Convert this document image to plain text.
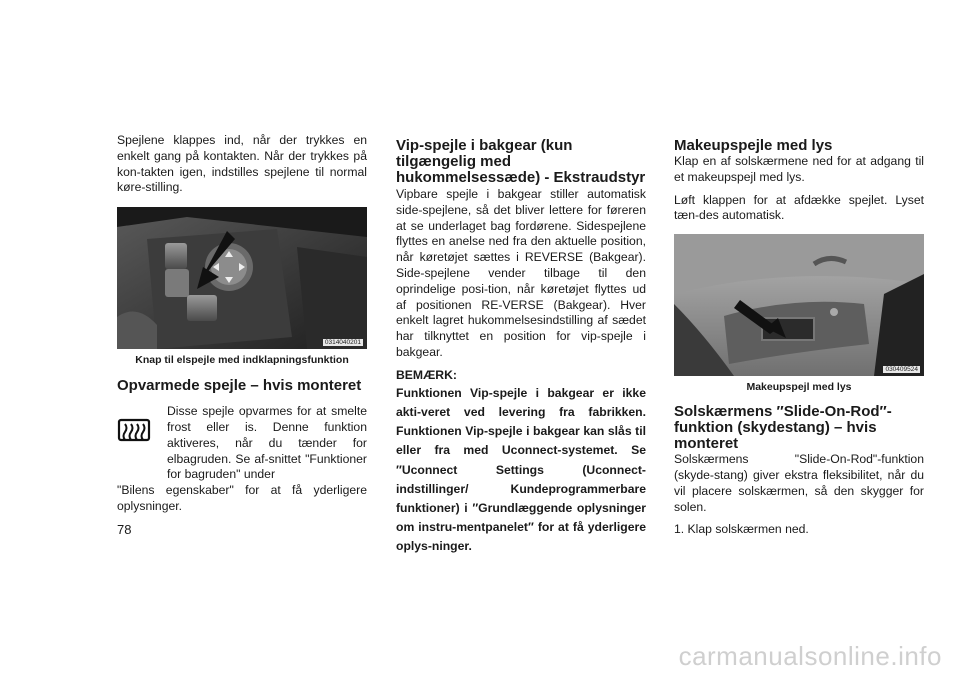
Spejlene klappes ind, når der trykkes en enkelt gang på kontakten. Når der trykkes på kon-takten igen, indstilles spejlene til normal køre-stilling.

0314040201
Knap til elspejle med indklapningsfunktion
Opvarmede spejle – hvis monteret

Disse spejle opvarmes for at smelte frost eller is. Denne funktion aktiveres, når du tænder for elbagruden. Se af-snittet "Funktioner for bagruden" under

"Bilens egenskaber" for at få yderligere oplysninger.

Vip-spejle i bakgear (kun tilgængelig med hukommelsessæde) - Ekstraudstyr

Vipbare spejle i bakgear stiller automatisk side-spejlene, så det bliver lettere for føreren at se underlaget bag fordørene. Sidespejlene flyttes en anelse ned fra den aktuelle position, når køretøjet sættes i REVERSE (Bakgear). Side-spejlene vender tilbage til den oprindelige posi-tion, når køretøjet flyttes ud af positionen RE-VERSE (Bakgear). Hver enkelt lagret hukommelsesindstilling af sædet har tilknyttet en position for vip-spejle i bakgear.

BEMÆRK:

Funktionen Vip-spejle i bakgear er ikke akti-veret ved levering fra fabrikken. Funktionen Vip-spejle i bakgear kan slås til eller fra med Uconnect-systemet. Se ″Uconnect Settings (Uconnect-indstillinger/ Kundeprogrammerbare funktioner) i ″Grundlæggende oplysninger om instru-mentpanelet″ for at få yderligere oplys-ninger.

Makeupspejle med lys

Klap en af solskærmene ned for at adgang til et makeupspejl med lys.

Løft klappen for at afdække spejlet. Lyset tæn-des automatisk.

030409524
Makeupspejl med lys
Solskærmens ″Slide-On-Rod″-funktion (skydestang) – hvis monteret

Solskærmens "Slide-On-Rod"-funktion (skyde-stang) giver ekstra fleksibilitet, når du vil placere solskærmen, så den skygger for solen.

1. Klap solskærmen ned.

78
carmanualsonline.info
